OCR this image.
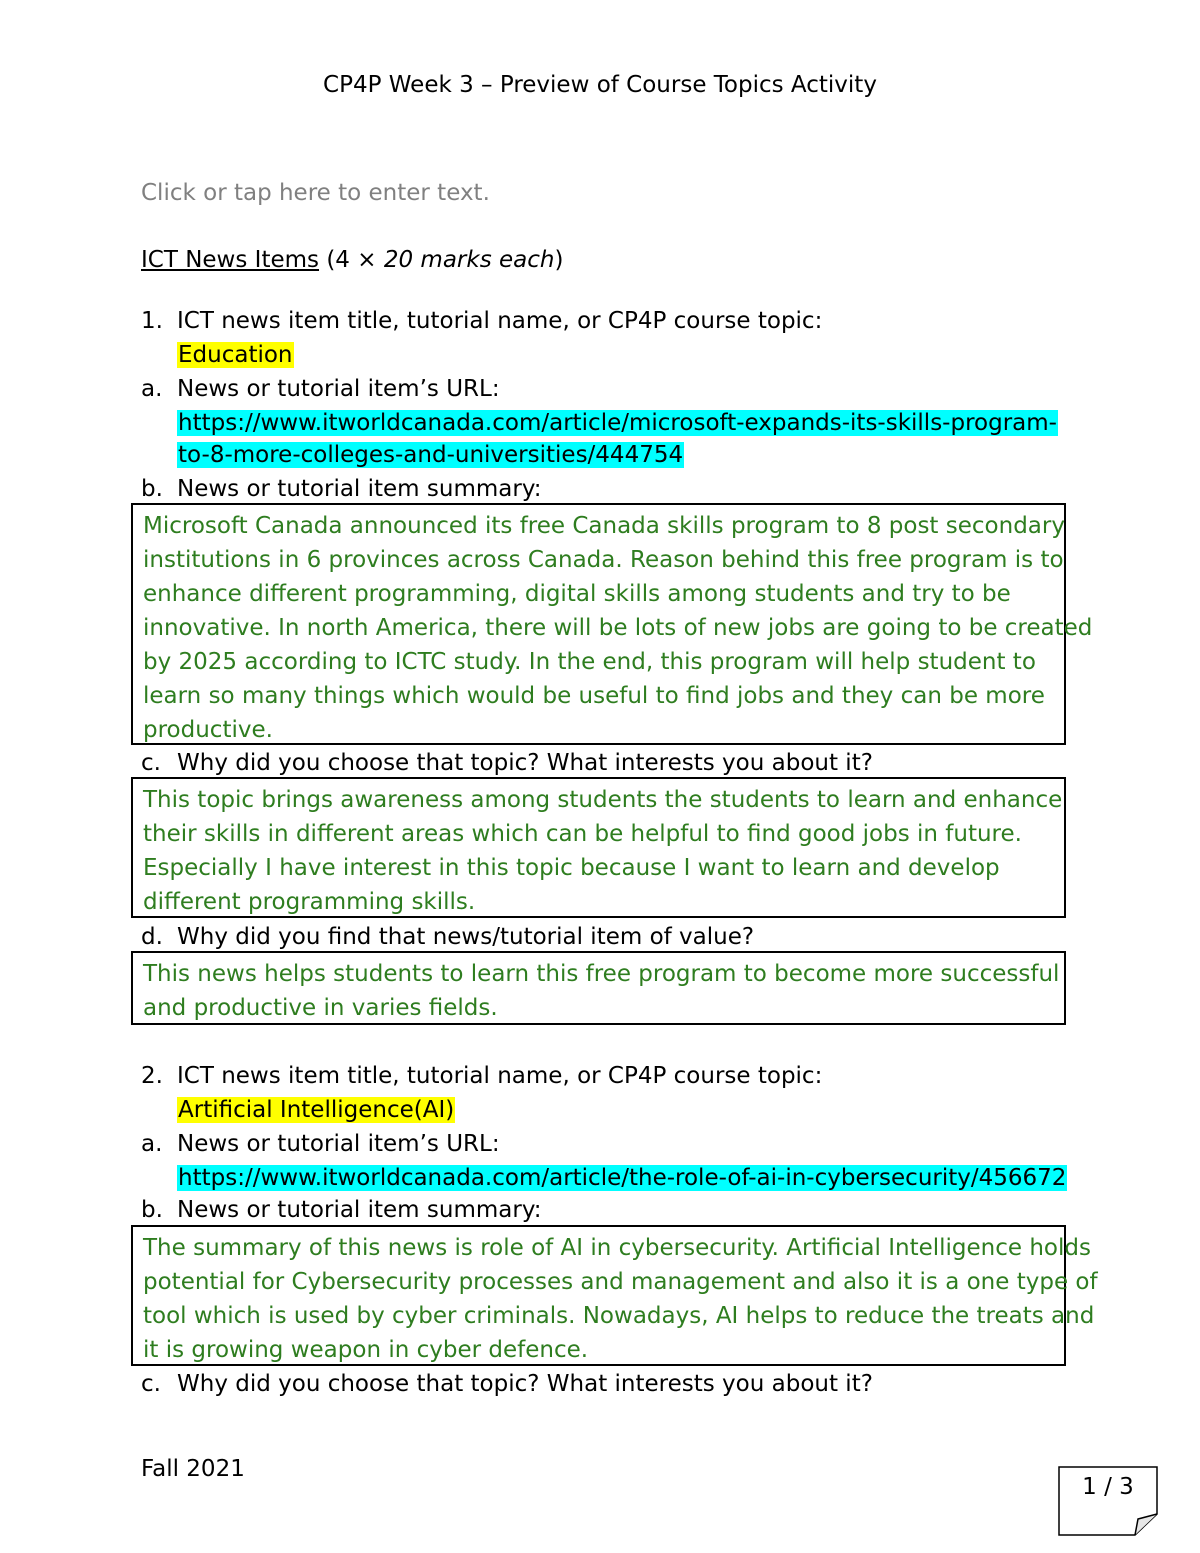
CP4P Week 3 – Preview of Course Topics Activity
Click or tap here to enter text.
ICT News Items (4 × 20 marks each)
1. ICT news item title, tutorial name, or CP4P course topic:
Education
a. News or tutorial item’s URL:
https://www.itworldcanada.com/article/microsoft-expands-its-skills-program-
to-8-more-colleges-and-universities/444754
b. News or tutorial item summary:
Microsoft Canada announced its free Canada skills program to 8 post secondary
institutions in 6 provinces across Canada. Reason behind this free program is to
enhance different programming, digital skills among students and try to be
innovative. In north America, there will be lots of new jobs are going to be created
by 2025 according to ICTC study. In the end, this program will help student to
learn so many things which would be useful to find jobs and they can be more
productive.
c. Why did you choose that topic? What interests you about it?
This topic brings awareness among students the students to learn and enhance
their skills in different areas which can be helpful to find good jobs in future.
Especially I have interest in this topic because I want to learn and develop
different programming skills.
d. Why did you find that news/tutorial item of value?
This news helps students to learn this free program to become more successful
and productive in varies fields.
2. ICT news item title, tutorial name, or CP4P course topic:
Artificial Intelligence(AI)
a. News or tutorial item’s URL:
https://www.itworldcanada.com/article/the-role-of-ai-in-cybersecurity/456672
b. News or tutorial item summary:
The summary of this news is role of AI in cybersecurity. Artificial Intelligence holds
potential for Cybersecurity processes and management and also it is a one type of
tool which is used by cyber criminals. Nowadays, AI helps to reduce the treats and
it is growing weapon in cyber defence.
c. Why did you choose that topic? What interests you about it?
Fall 2021
1 / 3
